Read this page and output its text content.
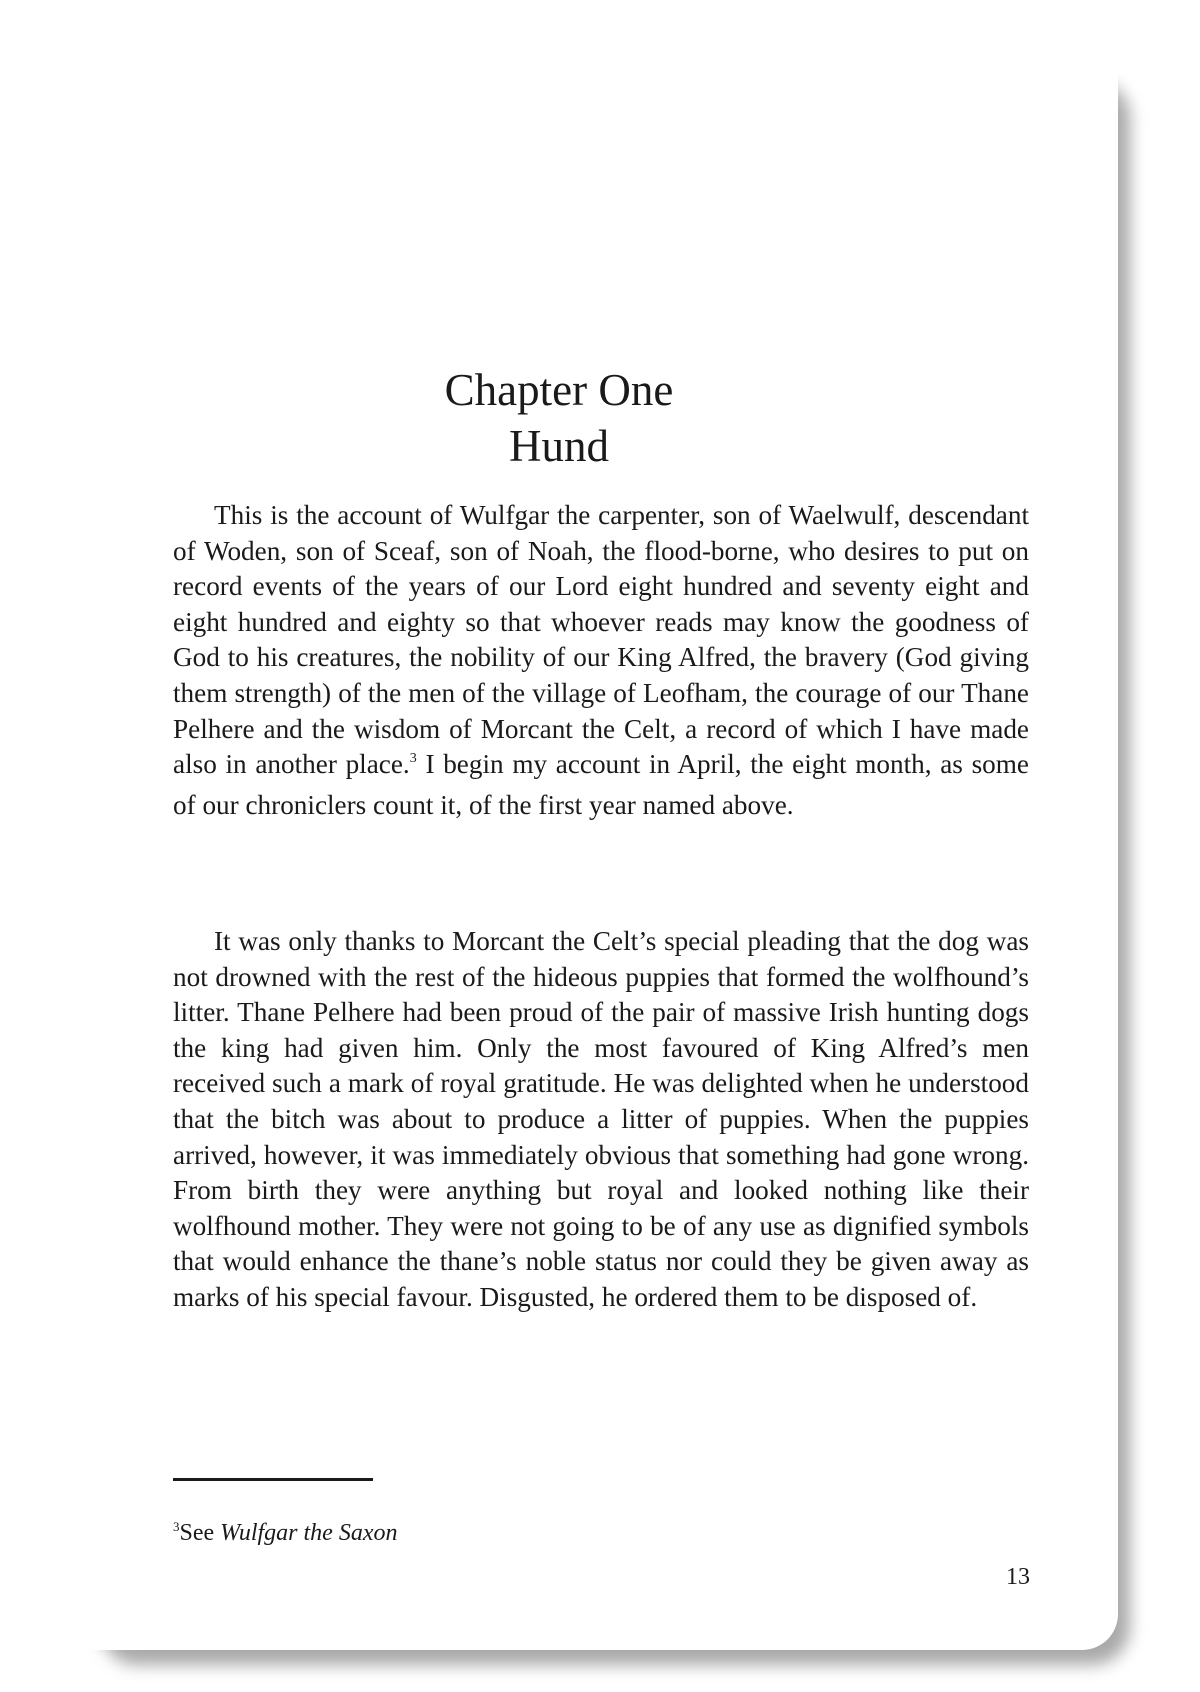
Chapter One
Hund

This is the account of Wulfgar the carpenter, son of Waelwulf, descendant of Woden, son of Sceaf, son of Noah, the flood-borne, who desires to put on record events of the years of our Lord eight hundred and seventy eight and eight hundred and eighty so that whoever reads may know the goodness of God to his creatures, the nobility of our King Alfred, the bravery (God giving them strength) of the men of the village of Leofham, the courage of our Thane Pelhere and the wisdom of Morcant the Celt, a record of which I have made also in another place.$^3$ I begin my account in April, the eight month, as some of our chroniclers count it, of the first year named above.

It was only thanks to Morcant the Celt’s special pleading that the dog was not drowned with the rest of the hideous puppies that formed the wolfhound’s litter. Thane Pelhere had been proud of the pair of massive Irish hunting dogs the king had given him. Only the most favoured of King Alfred’s men received such a mark of royal gratitude. He was delighted when he understood that the bitch was about to produce a litter of puppies. When the puppies arrived, however, it was immediately obvious that something had gone wrong. From birth they were anything but royal and looked nothing like their wolfhound mother. They were not going to be of any use as dignified symbols that would enhance the thane’s noble status nor could they be given away as marks of his special favour. Disgusted, he ordered them to be disposed of.

$^3$See Wulfgar the Saxon

13
